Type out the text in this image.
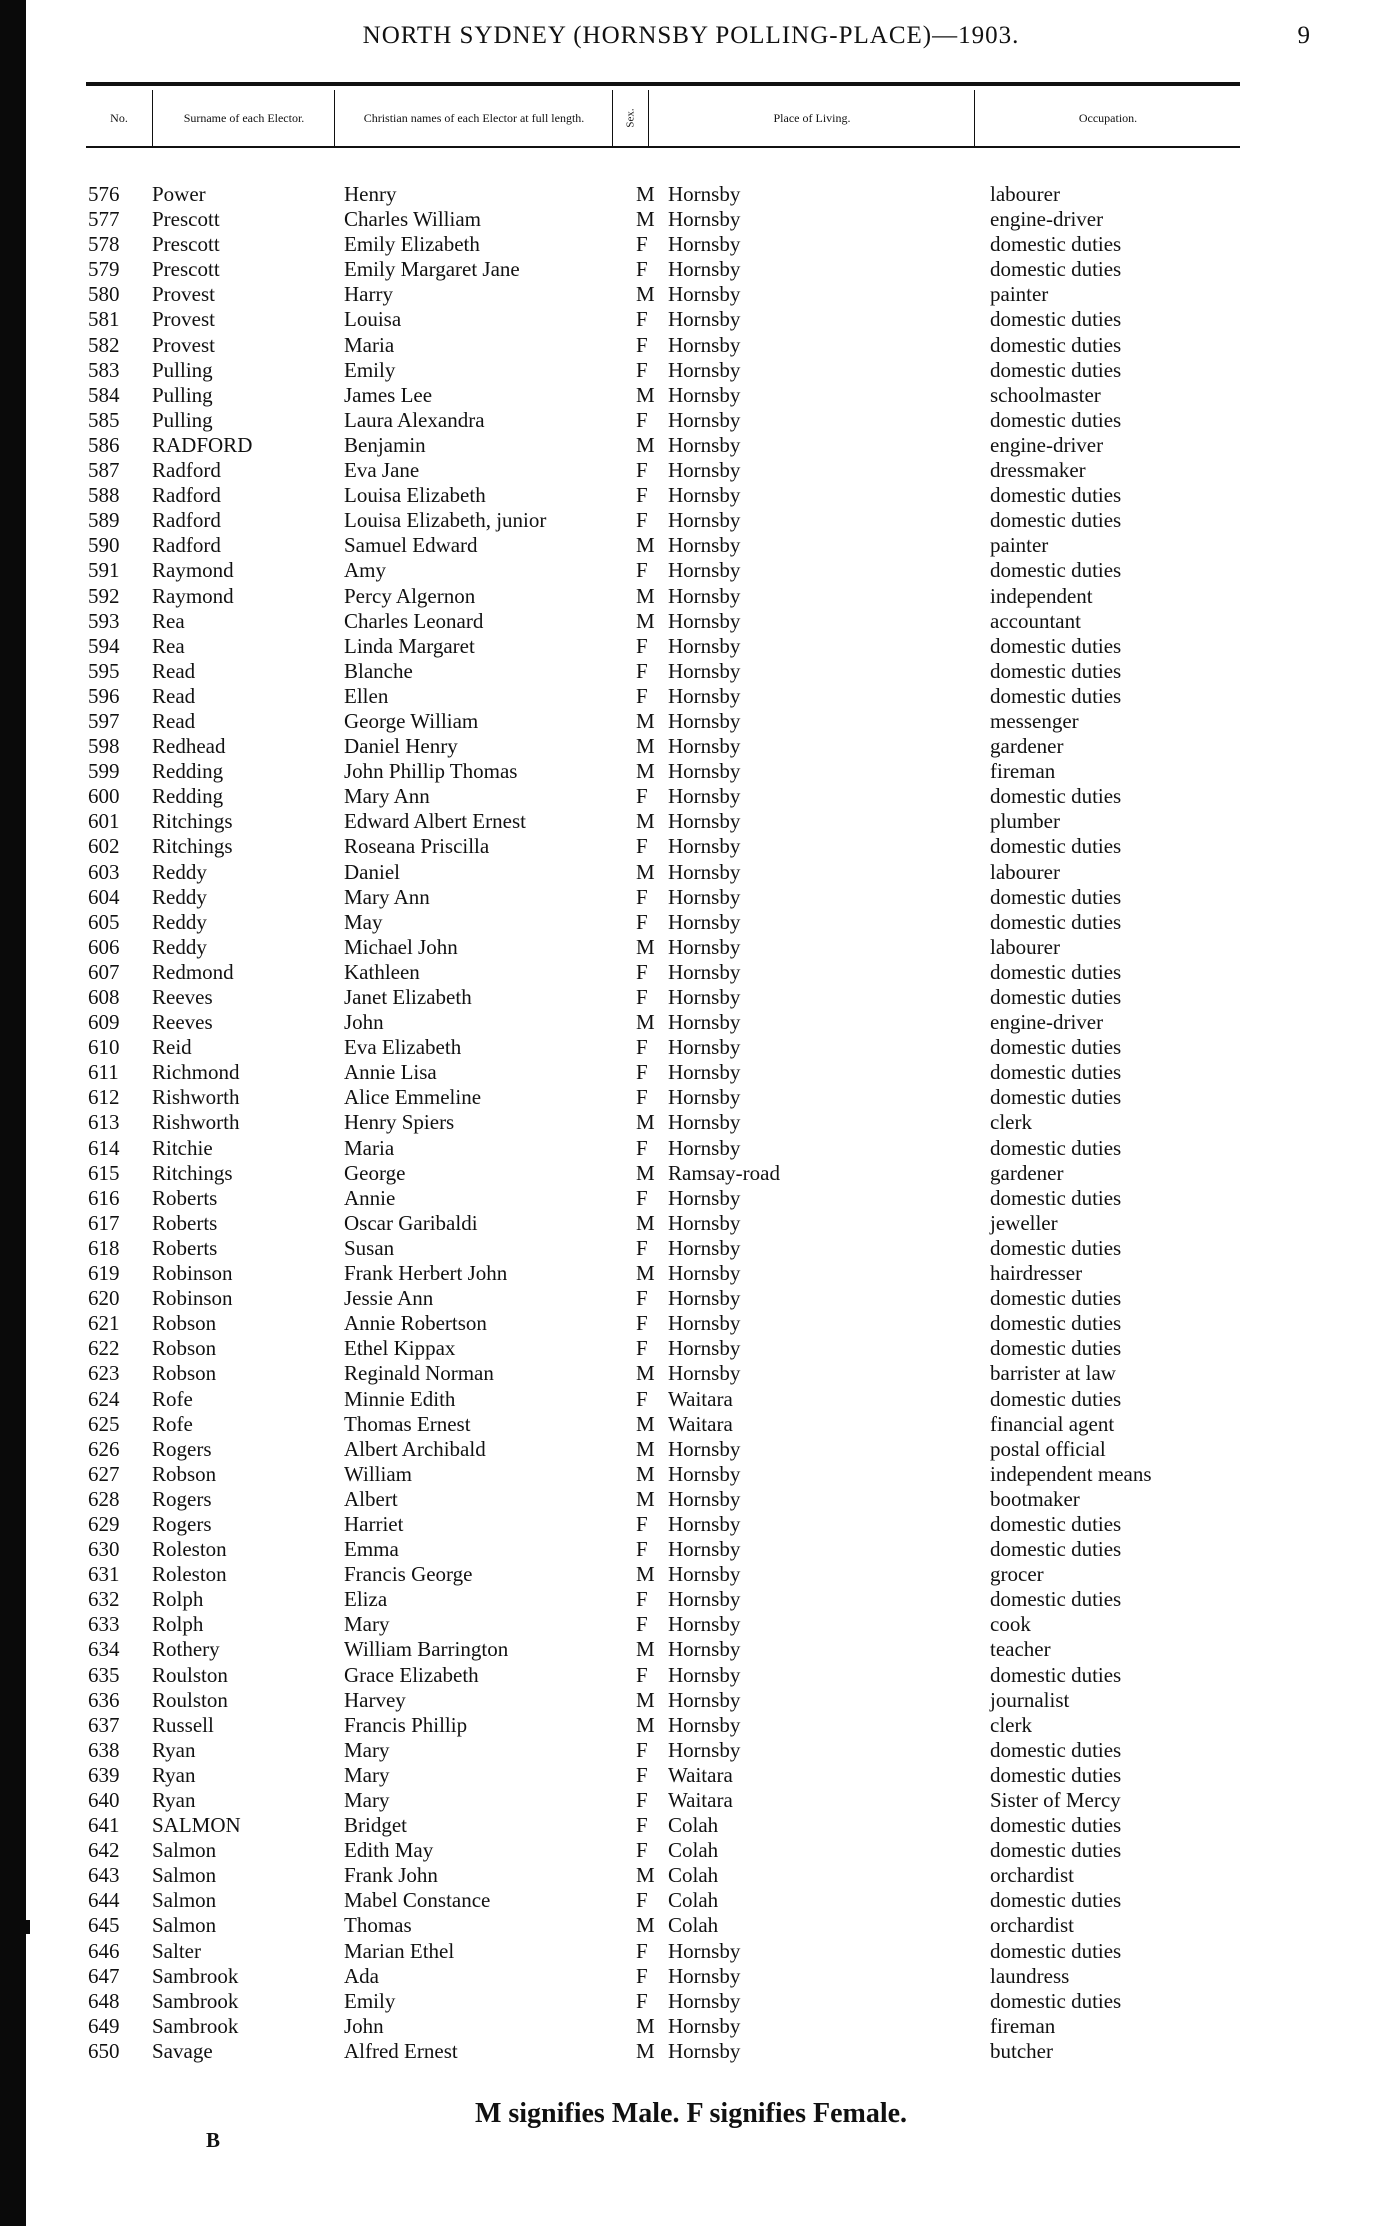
NORTH SYDNEY (HORNSBY POLLING-PLACE)—1903.	9
No.	Surname of each Elector.	Christian names of each Elector at full length.	Sex.	Place of Living.	Occupation.
576 Power	Henry	M Hornsby	labourer
577 Prescott	Charles William	M Hornsby	engine-driver
578 Prescott	Emily Elizabeth	F Hornsby	domestic duties
579 Prescott	Emily Margaret Jane	F Hornsby	domestic duties
580 Provest	Harry	M Hornsby	painter
581 Provest	Louisa	F Hornsby	domestic duties
582 Provest	Maria	F Hornsby	domestic duties
583 Pulling	Emily	F Hornsby	domestic duties
584 Pulling	James Lee	M Hornsby	schoolmaster
585 Pulling	Laura Alexandra	F Hornsby	domestic duties
586 RADFORD	Benjamin	M Hornsby	engine-driver
587 Radford	Eva Jane	F Hornsby	dressmaker
588 Radford	Louisa Elizabeth	F Hornsby	domestic duties
589 Radford	Louisa Elizabeth, junior	F Hornsby	domestic duties
590 Radford	Samuel Edward	M Hornsby	painter
591 Raymond	Amy	F Hornsby	domestic duties
592 Raymond	Percy Algernon	M Hornsby	independent
593 Rea	Charles Leonard	M Hornsby	accountant
594 Rea	Linda Margaret	F Hornsby	domestic duties
595 Read	Blanche	F Hornsby	domestic duties
596 Read	Ellen	F Hornsby	domestic duties
597 Read	George William	M Hornsby	messenger
598 Redhead	Daniel Henry	M Hornsby	gardener
599 Redding	John Phillip Thomas	M Hornsby	fireman
600 Redding	Mary Ann	F Hornsby	domestic duties
601 Ritchings	Edward Albert Ernest	M Hornsby	plumber
602 Ritchings	Roseana Priscilla	F Hornsby	domestic duties
603 Reddy	Daniel	M Hornsby	labourer
604 Reddy	Mary Ann	F Hornsby	domestic duties
605 Reddy	May	F Hornsby	domestic duties
606 Reddy	Michael John	M Hornsby	labourer
607 Redmond	Kathleen	F Hornsby	domestic duties
608 Reeves	Janet Elizabeth	F Hornsby	domestic duties
609 Reeves	John	M Hornsby	engine-driver
610 Reid	Eva Elizabeth	F Hornsby	domestic duties
611 Richmond	Annie Lisa	F Hornsby	domestic duties
612 Rishworth	Alice Emmeline	F Hornsby	domestic duties
613 Rishworth	Henry Spiers	M Hornsby	clerk
614 Ritchie	Maria	F Hornsby	domestic duties
615 Ritchings	George	M Ramsay-road	gardener
616 Roberts	Annie	F Hornsby	domestic duties
617 Roberts	Oscar Garibaldi	M Hornsby	jeweller
618 Roberts	Susan	F Hornsby	domestic duties
619 Robinson	Frank Herbert John	M Hornsby	hairdresser
620 Robinson	Jessie Ann	F Hornsby	domestic duties
621 Robson	Annie Robertson	F Hornsby	domestic duties
622 Robson	Ethel Kippax	F Hornsby	domestic duties
623 Robson	Reginald Norman	M Hornsby	barrister at law
624 Rofe	Minnie Edith	F Waitara	domestic duties
625 Rofe	Thomas Ernest	M Waitara	financial agent
626 Rogers	Albert Archibald	M Hornsby	postal official
627 Robson	William	M Hornsby	independent means
628 Rogers	Albert	M Hornsby	bootmaker
629 Rogers	Harriet	F Hornsby	domestic duties
630 Roleston	Emma	F Hornsby	domestic duties
631 Roleston	Francis George	M Hornsby	grocer
632 Rolph	Eliza	F Hornsby	domestic duties
633 Rolph	Mary	F Hornsby	cook
634 Rothery	William Barrington	M Hornsby	teacher
635 Roulston	Grace Elizabeth	F Hornsby	domestic duties
636 Roulston	Harvey	M Hornsby	journalist
637 Russell	Francis Phillip	M Hornsby	clerk
638 Ryan	Mary	F Hornsby	domestic duties
639 Ryan	Mary	F Waitara	domestic duties
640 Ryan	Mary	F Waitara	Sister of Mercy
641 SALMON	Bridget	F Colah	domestic duties
642 Salmon	Edith May	F Colah	domestic duties
643 Salmon	Frank John	M Colah	orchardist
644 Salmon	Mabel Constance	F Colah	domestic duties
645 Salmon	Thomas	M Colah	orchardist
646 Salter	Marian Ethel	F Hornsby	domestic duties
647 Sambrook	Ada	F Hornsby	laundress
648 Sambrook	Emily	F Hornsby	domestic duties
649 Sambrook	John	M Hornsby	fireman
650 Savage	Alfred Ernest	M Hornsby	butcher
M signifies Male. F signifies Female.
B
